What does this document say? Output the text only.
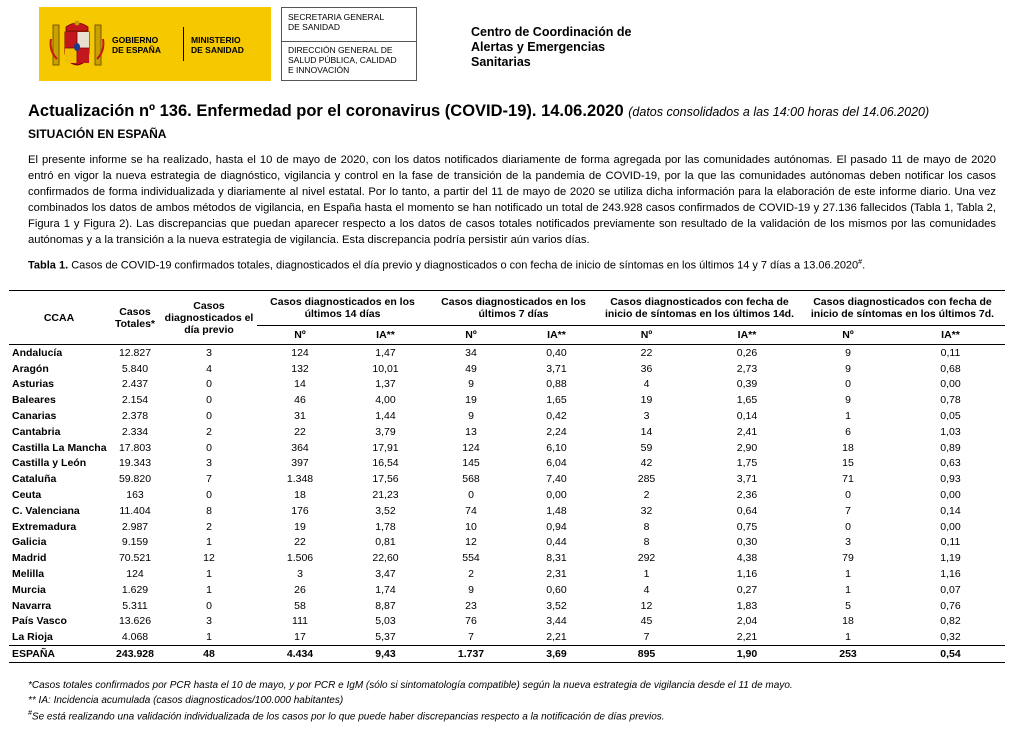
GOBIERNO
DE ESPAÑA
MINISTERIO
DE SANIDAD
SECRETARIA GENERAL
DE SANIDAD
DIRECCIÓN GENERAL DE
SALUD PÚBLICA, CALIDAD
E INNOVACIÓN
Centro de Coordinación de
Alertas y Emergencias
Sanitarias
Actualización nº 136. Enfermedad por el coronavirus (COVID-19). 14.06.2020 (datos consolidados a las 14:00 horas del 14.06.2020)
SITUACIÓN EN ESPAÑA
El presente informe se ha realizado, hasta el 10 de mayo de 2020, con los datos notificados diariamente de forma agregada por las comunidades autónomas. El pasado 11 de mayo de 2020 entró en vigor la nueva estrategia de diagnóstico, vigilancia y control en la fase de transición de la pandemia de COVID-19, por la que las comunidades autónomas deben notificar los casos confirmados de forma individualizada y diariamente al nivel estatal. Por lo tanto, a partir del 11 de mayo de 2020 se utiliza dicha información para la elaboración de este informe diario. Una vez combinados los datos de ambos métodos de vigilancia, en España hasta el momento se han notificado un total de 243.928 casos confirmados de COVID-19 y 27.136 fallecidos (Tabla 1, Tabla 2, Figura 1 y Figura 2). Las discrepancias que puedan aparecer respecto a los datos de casos totales notificados previamente son resultado de la validación de los mismos por las comunidades autónomas y a la transición a la nueva estrategia de vigilancia. Esta discrepancia podría persistir aún varios días.
Tabla 1. Casos de COVID-19 confirmados totales, diagnosticados el día previo y diagnosticados o con fecha de inicio de síntomas en los últimos 14 y 7 días a 13.06.2020#.
CCAA	Casos Totales*	Casos diagnosticados el día previo	Casos diagnosticados en los últimos 14 días		Casos diagnosticados en los últimos 7 días		Casos diagnosticados con fecha de inicio de síntomas en los últimos 14d.		Casos diagnosticados con fecha de inicio de síntomas en los últimos 7d.	
			Nº	IA**	Nº	IA**	Nº	IA**	Nº	IA**
Andalucía	12.827	3	124	1,47	34	0,40	22	0,26	9	0,11
Aragón	5.840	4	132	10,01	49	3,71	36	2,73	9	0,68
Asturias	2.437	0	14	1,37	9	0,88	4	0,39	0	0,00
Baleares	2.154	0	46	4,00	19	1,65	19	1,65	9	0,78
Canarias	2.378	0	31	1,44	9	0,42	3	0,14	1	0,05
Cantabria	2.334	2	22	3,79	13	2,24	14	2,41	6	1,03
Castilla La Mancha	17.803	0	364	17,91	124	6,10	59	2,90	18	0,89
Castilla y León	19.343	3	397	16,54	145	6,04	42	1,75	15	0,63
Cataluña	59.820	7	1.348	17,56	568	7,40	285	3,71	71	0,93
Ceuta	163	0	18	21,23	0	0,00	2	2,36	0	0,00
C. Valenciana	11.404	8	176	3,52	74	1,48	32	0,64	7	0,14
Extremadura	2.987	2	19	1,78	10	0,94	8	0,75	0	0,00
Galicia	9.159	1	22	0,81	12	0,44	8	0,30	3	0,11
Madrid	70.521	12	1.506	22,60	554	8,31	292	4,38	79	1,19
Melilla	124	1	3	3,47	2	2,31	1	1,16	1	1,16
Murcia	1.629	1	26	1,74	9	0,60	4	0,27	1	0,07
Navarra	5.311	0	58	8,87	23	3,52	12	1,83	5	0,76
País Vasco	13.626	3	111	5,03	76	3,44	45	2,04	18	0,82
La Rioja	4.068	1	17	5,37	7	2,21	7	2,21	1	0,32
ESPAÑA	243.928	48	4.434	9,43	1.737	3,69	895	1,90	253	0,54
*Casos totales confirmados por PCR hasta el 10 de mayo, y por PCR e IgM (sólo si sintomatología compatible) según la nueva estrategia de vigilancia desde el 11 de mayo.
** IA: Incidencia acumulada (casos diagnosticados/100.000 habitantes)
#Se está realizando una validación individualizada de los casos por lo que puede haber discrepancias respecto a la notificación de días previos.
